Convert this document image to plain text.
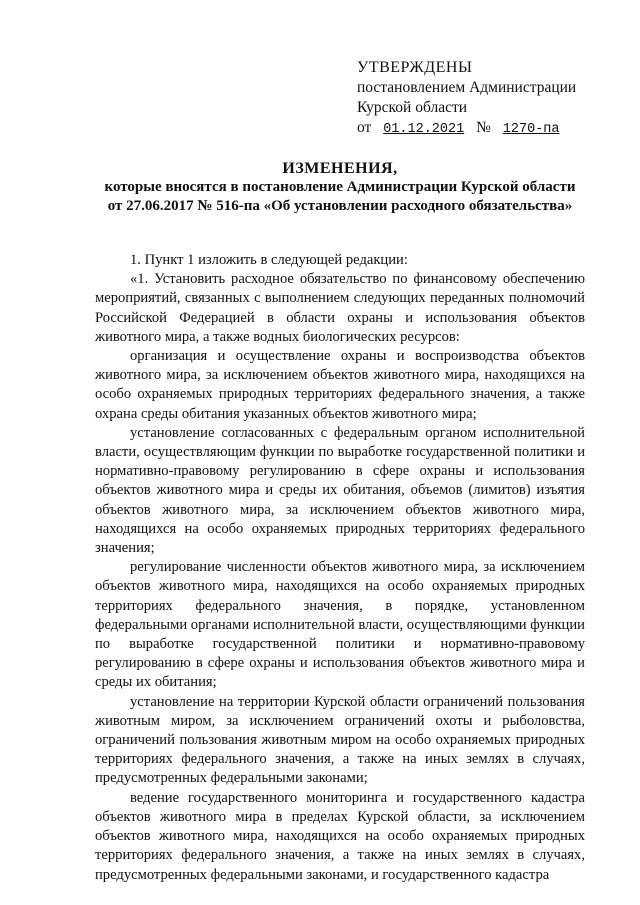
УТВЕРЖДЕНЫ
постановлением Администрации
Курской области
от 01.12.2021 № 1270-па
ИЗМЕНЕНИЯ,
которые вносятся в постановление Администрации Курской области
от 27.06.2017 № 516-па «Об установлении расходного обязательства»

1. Пункт 1 изложить в следующей редакции:

«1. Установить расходное обязательство по финансовому обеспечению мероприятий, связанных с выполнением следующих переданных полномочий Российской Федерацией в области охраны и использования объектов животного мира, а также водных биологических ресурсов:

организация и осуществление охраны и воспроизводства объектов животного мира, за исключением объектов животного мира, находящихся на особо охраняемых природных территориях федерального значения, а также охрана среды обитания указанных объектов животного мира;

установление согласованных с федеральным органом исполнительной власти, осуществляющим функции по выработке государственной политики и нормативно-правовому регулированию в сфере охраны и использования объектов животного мира и среды их обитания, объемов (лимитов) изъятия объектов животного мира, за исключением объектов животного мира, находящихся на особо охраняемых природных территориях федерального значения;

регулирование численности объектов животного мира, за исключением объектов животного мира, находящихся на особо охраняемых природных территориях федерального значения, в порядке, установленном федеральными органами исполнительной власти, осуществляющими функции по выработке государственной политики и нормативно-правовому регулированию в сфере охраны и использования объектов животного мира и среды их обитания;

установление на территории Курской области ограничений пользования животным миром, за исключением ограничений охоты и рыболовства, ограничений пользования животным миром на особо охраняемых природных территориях федерального значения, а также на иных землях в случаях, предусмотренных федеральными законами;

ведение государственного мониторинга и государственного кадастра объектов животного мира в пределах Курской области, за исключением объектов животного мира, находящихся на особо охраняемых природных территориях федерального значения, а также на иных землях в случаях, предусмотренных федеральными законами, и государственного кадастра
